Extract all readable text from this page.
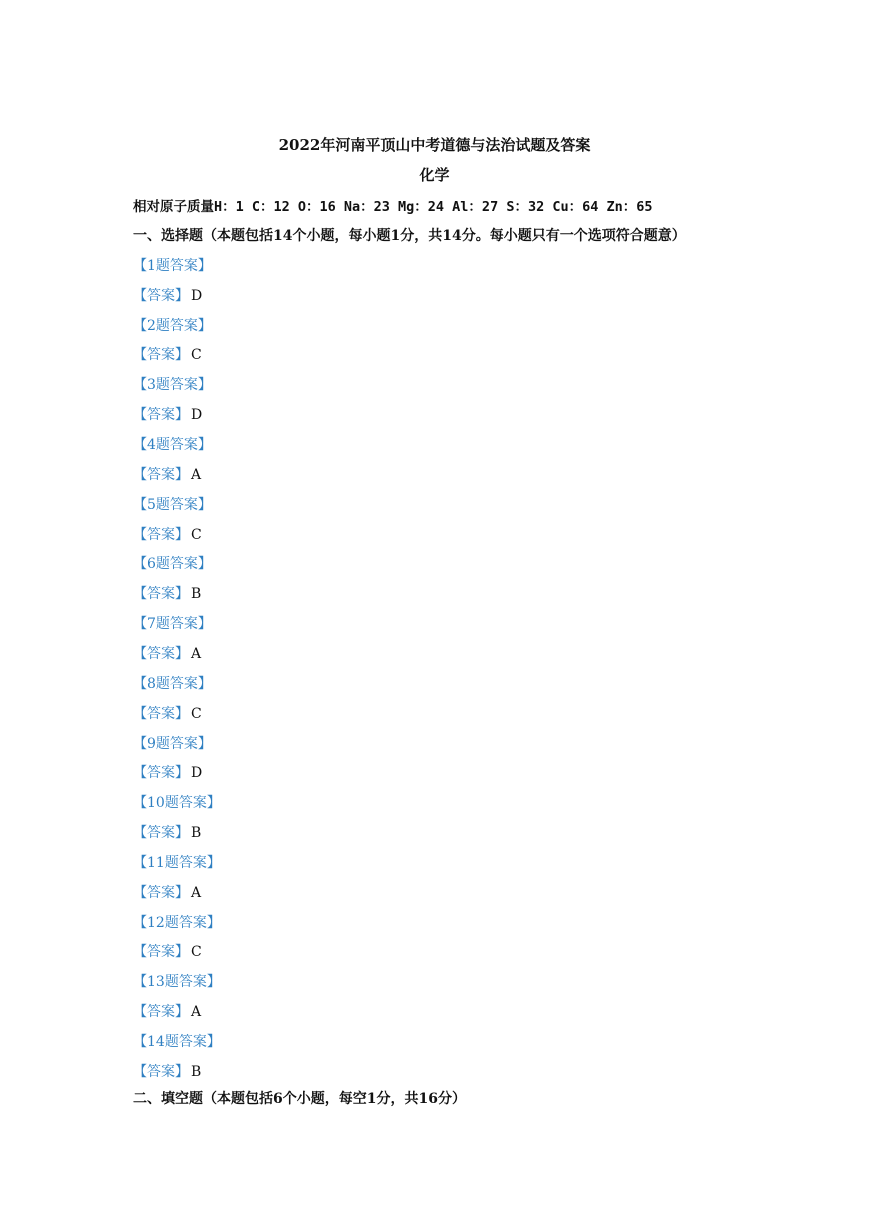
2022年河南平顶山中考道德与法治试题及答案
化学
相对原子质量H：1 C：12 O：16 Na：23 Mg：24 Al：27 S：32 Cu：64 Zn：65
一、选择题（本题包括14个小题，每小题1分，共14分。每小题只有一个选项符合题意）
【1题答案】
【答案】 D
【2题答案】
【答案】 C
【3题答案】
【答案】 D
【4题答案】
【答案】 A
【5题答案】
【答案】 C
【6题答案】
【答案】 B
【7题答案】
【答案】 A
【8题答案】
【答案】 C
【9题答案】
【答案】 D
【10题答案】
【答案】 B
【11题答案】
【答案】 A
【12题答案】
【答案】 C
【13题答案】
【答案】 A
【14题答案】
【答案】 B
二、填空题（本题包括6个小题，每空1分，共16分）
